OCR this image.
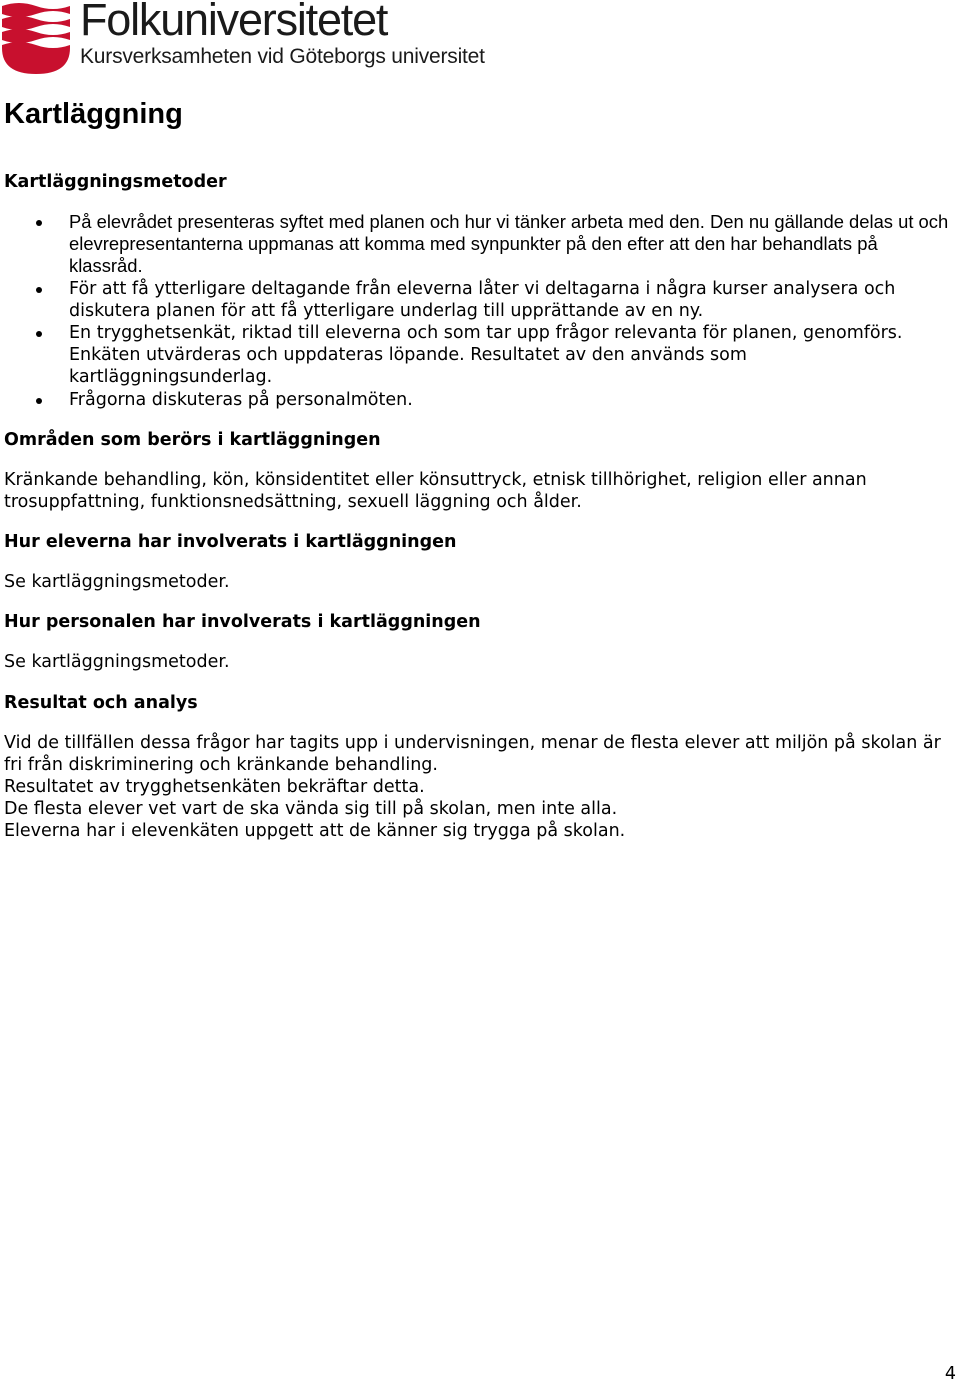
Folkuniversitetet
Kursverksamheten vid Göteborgs universitet
Kartläggning
Kartläggningsmetoder
På elevrådet presenteras syftet med planen och hur vi tänker arbeta med den. Den nu gällande delas ut och elevrepresentanterna uppmanas att komma med synpunkter på den efter att den har behandlats på klassråd.
För att få ytterligare deltagande från eleverna låter vi deltagarna i några kurser analysera och diskutera planen för att få ytterligare underlag till upprättande av en ny.
En trygghetsenkät, riktad till eleverna och som tar upp frågor relevanta för planen, genomförs. Enkäten utvärderas och uppdateras löpande. Resultatet av den används som kartläggningsunderlag.
Frågorna diskuteras på personalmöten.
Områden som berörs i kartläggningen

Kränkande behandling, kön, könsidentitet eller könsuttryck, etnisk tillhörighet, religion eller annan trosuppfattning, funktionsnedsättning, sexuell läggning och ålder.

Hur eleverna har involverats i kartläggningen

Se kartläggningsmetoder.

Hur personalen har involverats i kartläggningen

Se kartläggningsmetoder.

Resultat och analys

Vid de tillfällen dessa frågor har tagits upp i undervisningen, menar de flesta elever att miljön på skolan är fri från diskriminering och kränkande behandling.

Resultatet av trygghetsenkäten bekräftar detta.

De flesta elever vet vart de ska vända sig till på skolan, men inte alla.

Eleverna har i elevenkäten uppgett att de känner sig trygga på skolan.

4
